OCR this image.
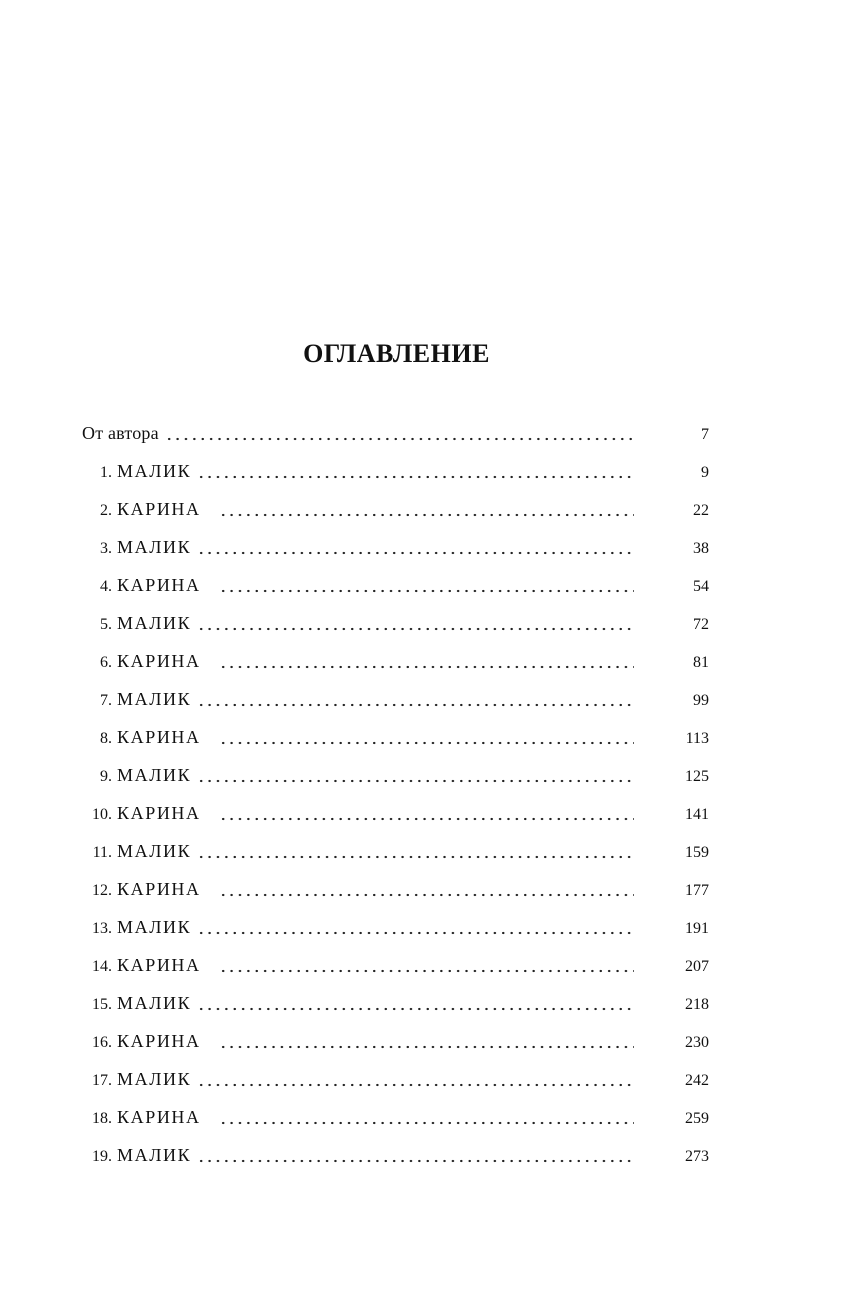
ОГЛАВЛЕНИЕ
От автора	7
1. МАЛИК	9
2. КАРИНА	22
3. МАЛИК	38
4. КАРИНА	54
5. МАЛИК	72
6. КАРИНА	81
7. МАЛИК	99
8. КАРИНА	113
9. МАЛИК	125
10. КАРИНА	141
11. МАЛИК	159
12. КАРИНА	177
13. МАЛИК	191
14. КАРИНА	207
15. МАЛИК	218
16. КАРИНА	230
17. МАЛИК	242
18. КАРИНА	259
19. МАЛИК	273
